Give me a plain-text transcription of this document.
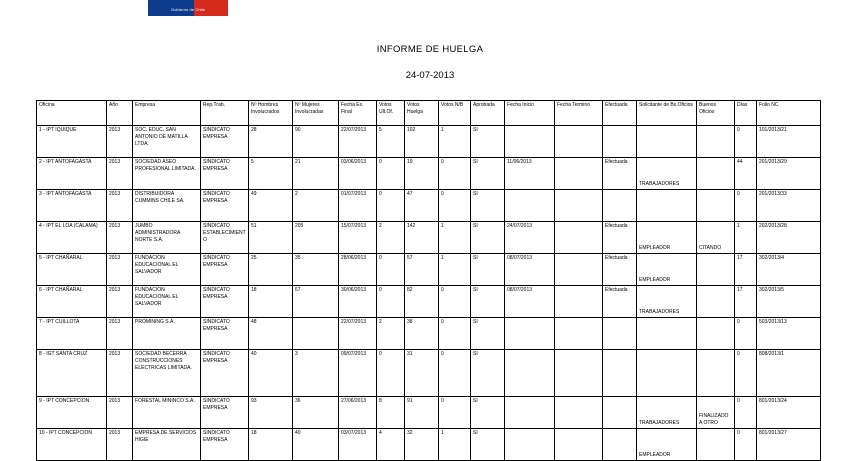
Gobierno de Chile
INFORME DE HUELGA
24-07-2013
Oficina	Año	Empresa	Rep.Trab.	Nº Hombres Involucrados	Nº Mujeres Involucradas	Fecha Ex. Final	Votos Ult.Of.	Votos Huelga	Votos N/B	Aprobada	Fecha Inicio	Fecha Termino	Efectuada	Solicitante de Bs.Oficios	Buenos Oficios	Días	Folio NC
1 - IPT IQUIQUE	2013	SOC. EDUC. SAN ANTONIO DE MATILLA LTDA.	SINDICATO EMPRESA	28	90	22/07/2013	5	102	1	SI						0	101/2013/21
2 - IPT ANTOFAGASTA	2013	SOCIEDAD ASEO PROFESIONAL LIMITADA.	SINDICATO EMPRESA	5	21	03/06/2013	0	19	0	SI	11/06/2013		Efectuada	TRABAJADORES		44	201/2013/29
3 - IPT ANTOFAGASTA	2013	DISTRIBUIDORA CUMMINS CHILE SA.	SINDICATO EMPRESA	49	2	01/07/2013	0	47	0	SI						0	201/2013/33
4 - IPT EL LOA (CALAMA)	2013	JUMBO ADMINISTRADORA NORTE S.A.	SINDICATO ESTABLECIMIENTO	51	205	15/07/2013	2	142	1	SI	24/07/2013		Efectuada	EMPLEADOR	CITANDO	1	202/2013/28
5 - IPT CHAÑARAL	2013	FUNDACION EDUCACIONAL EL SALVADOR	SINDICATO EMPRESA	25	35	28/06/2013	0	57	1	SI	08/07/2013		Efectuada	EMPLEADOR		17	302/2013/4
6 - IPT CHAÑARAL	2013	FUNDACION EDUCACIONAL EL SALVADOR	SINDICATO EMPRESA	18	67	30/06/2013	0	82	0	SI	08/07/2013		Efectuada	TRABAJADORES		17	302/2013/5
7 - IPT CUILLOTA	2013	PROMINING S.A.	SINDICATO EMPRESA	48		22/07/2013	2	38	0	SI						0	503/2013/13
8 - IGT SANTA CRUZ	2013	SOCIEDAD BECERRA CONSTRUCCIONES ELECTRICAS LIMITADA.	SINDICATO EMPRESA	40	3	09/07/2013	0	31	0	SI						0	808/2013/1
9 - IPT CONCEPCION	2013	FORESTAL MININCO S.A.	SINDICATO EMPRESA	93	36	27/06/2013	8	91	0	SI				TRABAJADORES	FINALIZADO A OTRO	0	801/2013/24
10 - IPT CONCEPCION	2013	EMPRESA DE SERVICIOS HIGIE	SINDICATO EMPRESA	18	40	03/07/2013	4	32	1	SI				EMPLEADOR		0	801/2013/27
